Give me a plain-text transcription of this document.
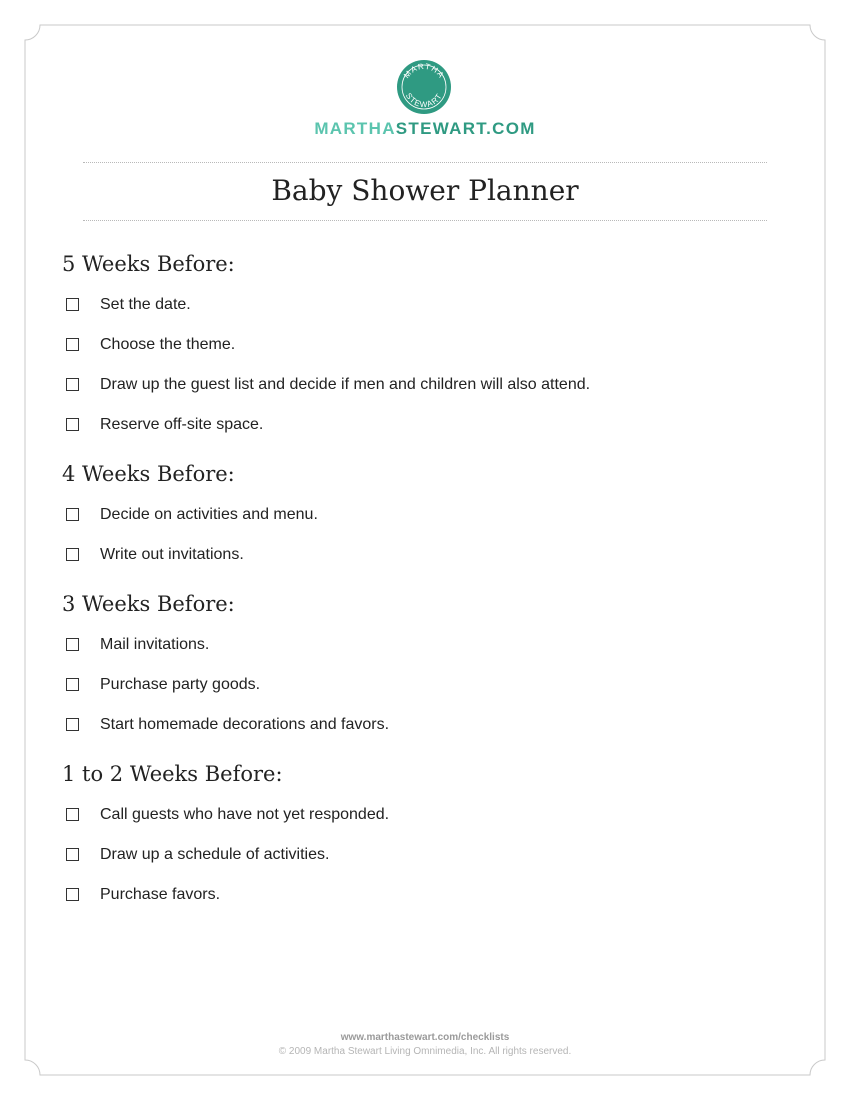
MARTHA
STEWART
MARTHASTEWART.COM
Baby Shower Planner
5 Weeks Before:
Set the date.
Choose the theme.
Draw up the guest list and decide if men and children will also attend.
Reserve off-site space.
4 Weeks Before:
Decide on activities and menu.
Write out invitations.
3 Weeks Before:
Mail invitations.
Purchase party goods.
Start homemade decorations and favors.
1 to 2 Weeks Before:
Call guests who have not yet responded.
Draw up a schedule of activities.
Purchase favors.
www.marthastewart.com/checklists
© 2009 Martha Stewart Living Omnimedia, Inc. All rights reserved.
